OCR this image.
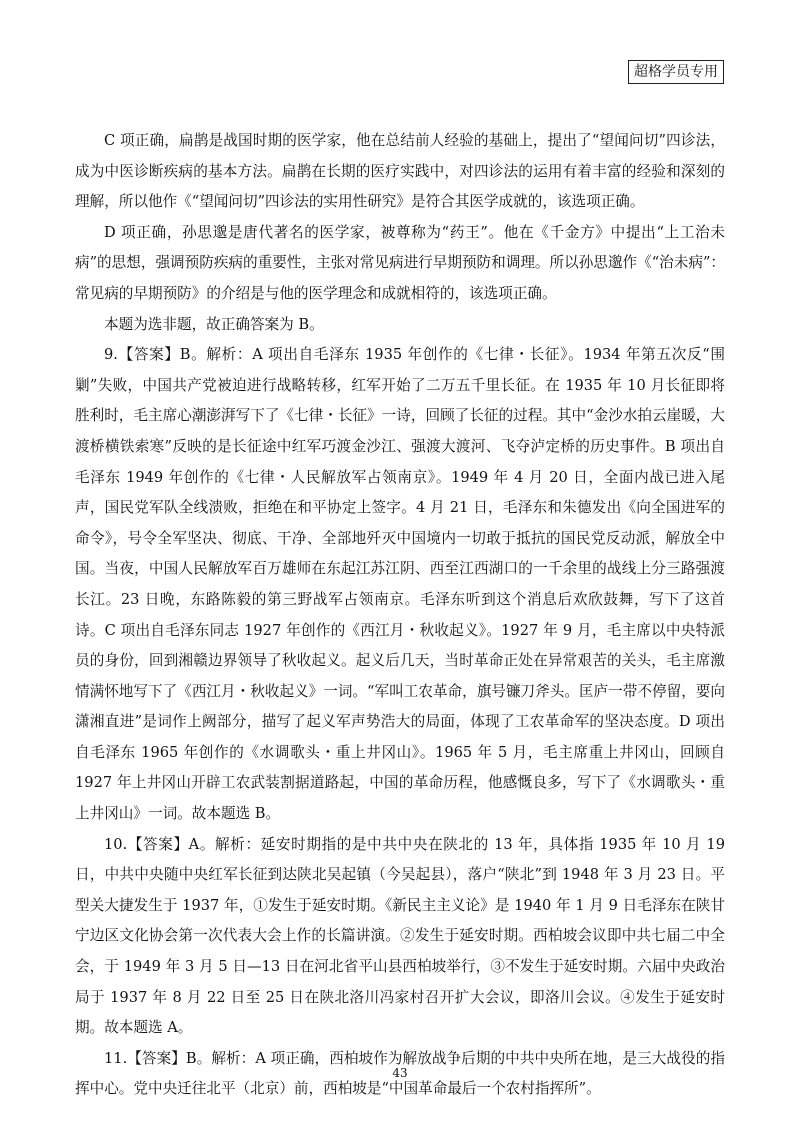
超格学员专用

C 项正确，扁鹊是战国时期的医学家，他在总结前人经验的基础上，提出了“望闻问切”四诊法，成为中医诊断疾病的基本方法。扁鹊在长期的医疗实践中，对四诊法的运用有着丰富的经验和深刻的理解，所以他作《“望闻问切”四诊法的实用性研究》是符合其医学成就的，该选项正确。

D 项正确，孙思邈是唐代著名的医学家，被尊称为“药王”。他在《千金方》中提出“上工治未病”的思想，强调预防疾病的重要性，主张对常见病进行早期预防和调理。所以孙思邈作《“治未病”：常见病的早期预防》的介绍是与他的医学理念和成就相符的，该选项正确。

本题为选非题，故正确答案为 B。

9.【答案】B。解析：A 项出自毛泽东 1935 年创作的《七律・长征》。1934 年第五次反“围剿”失败，中国共产党被迫进行战略转移，红军开始了二万五千里长征。在 1935 年 10 月长征即将胜利时，毛主席心潮澎湃写下了《七律・长征》一诗，回顾了长征的过程。其中“金沙水拍云崖暖，大渡桥横铁索寒”反映的是长征途中红军巧渡金沙江、强渡大渡河、飞夺泸定桥的历史事件。B 项出自毛泽东 1949 年创作的《七律・人民解放军占领南京》。1949 年 4 月 20 日，全面内战已进入尾声，国民党军队全线溃败，拒绝在和平协定上签字。4 月 21 日，毛泽东和朱德发出《向全国进军的命令》，号令全军坚决、彻底、干净、全部地歼灭中国境内一切敢于抵抗的国民党反动派，解放全中国。当夜，中国人民解放军百万雄师在东起江苏江阴、西至江西湖口的一千余里的战线上分三路强渡长江。23 日晚，东路陈毅的第三野战军占领南京。毛泽东听到这个消息后欢欣鼓舞，写下了这首诗。C 项出自毛泽东同志 1927 年创作的《西江月・秋收起义》。1927 年 9 月，毛主席以中央特派员的身份，回到湘赣边界领导了秋收起义。起义后几天，当时革命正处在异常艰苦的关头，毛主席激情满怀地写下了《西江月・秋收起义》一词。“军叫工农革命，旗号镰刀斧头。匡庐一带不停留，要向潇湘直进”是词作上阙部分，描写了起义军声势浩大的局面，体现了工农革命军的坚决态度。D 项出自毛泽东 1965 年创作的《水调歌头・重上井冈山》。1965 年 5 月，毛主席重上井冈山，回顾自 1927 年上井冈山开辟工农武装割据道路起，中国的革命历程，他感慨良多，写下了《水调歌头・重上井冈山》一词。故本题选 B。

10.【答案】A。解析：延安时期指的是中共中央在陕北的 13 年，具体指 1935 年 10 月 19 日，中共中央随中央红军长征到达陕北吴起镇（今吴起县），落户“陕北”到 1948 年 3 月 23 日。平型关大捷发生于 1937 年，①发生于延安时期。《新民主主义论》是 1940 年 1 月 9 日毛泽东在陕甘宁边区文化协会第一次代表大会上作的长篇讲演。②发生于延安时期。西柏坡会议即中共七届二中全会，于 1949 年 3 月 5 日—13 日在河北省平山县西柏坡举行，③不发生于延安时期。六届中央政治局于 1937 年 8 月 22 日至 25 日在陕北洛川冯家村召开扩大会议，即洛川会议。④发生于延安时期。故本题选 A。

11.【答案】B。解析：A 项正确，西柏坡作为解放战争后期的中共中央所在地，是三大战役的指挥中心。党中央迁往北平（北京）前，西柏坡是“中国革命最后一个农村指挥所”。

43
